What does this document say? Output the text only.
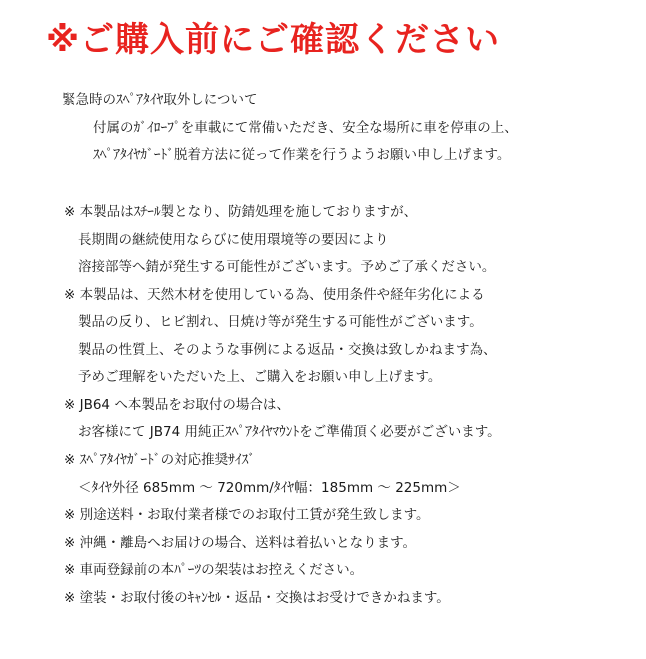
※ご購入前にご確認ください
緊急時のｽﾍﾟｱﾀｲﾔ取外しについて
付属のｶﾞｲﾛｰﾌﾟを車載にて常備いただき、安全な場所に車を停車の上、
ｽﾍﾟｱﾀｲﾔｶﾞｰﾄﾞ脱着方法に従って作業を行うようお願い申し上げます。
※ 本製品はｽﾁｰﾙ製となり、防錆処理を施しておりますが、
長期間の継続使用ならびに使用環境等の要因により
溶接部等へ錆が発生する可能性がございます。予めご了承ください。
※ 本製品は、天然木材を使用している為、使用条件や経年劣化による
製品の反り、ヒビ割れ、日焼け等が発生する可能性がございます。
製品の性質上、そのような事例による返品・交換は致しかねます為、
予めご理解をいただいた上、ご購入をお願い申し上げます。
※ JB64 へ本製品をお取付の場合は、
お客様にて JB74 用純正ｽﾍﾟｱﾀｲﾔﾏｳﾝﾄをご準備頂く必要がございます。
※ ｽﾍﾟｱﾀｲﾔｶﾞｰﾄﾞの対応推奨ｻｲｽﾞ
＜ﾀｲﾔ外径 685mm 〜 720mm/ﾀｲﾔ幅：185mm 〜 225mm＞
※ 別途送料・お取付業者様でのお取付工賃が発生致します。
※ 沖縄・離島へお届けの場合、送料は着払いとなります。
※ 車両登録前の本ﾊﾟｰﾂの架装はお控えください。
※ 塗装・お取付後のｷｬﾝｾﾙ・返品・交換はお受けできかねます。
